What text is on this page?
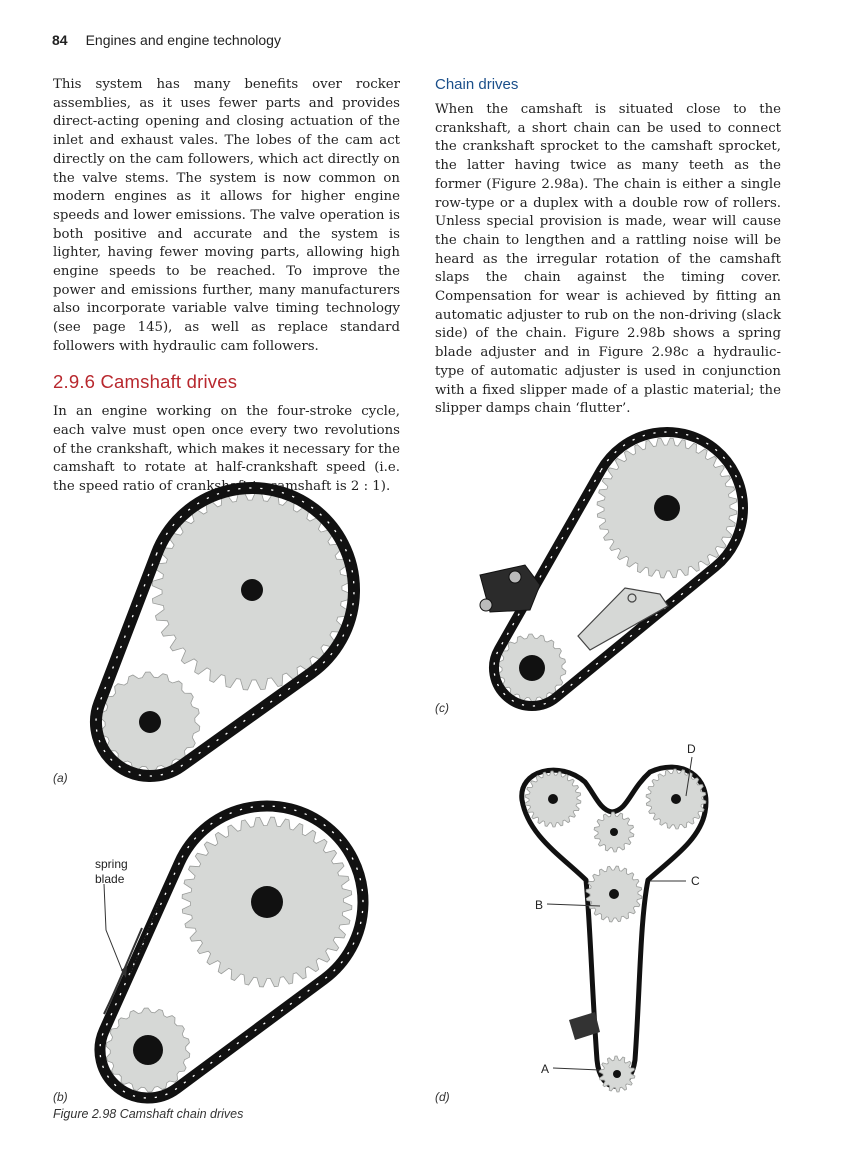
84 Engines and engine technology

This system has many benefits over rocker assemblies, as it uses fewer parts and provides direct-acting opening and closing actuation of the inlet and exhaust vales. The lobes of the cam act directly on the cam followers, which act directly on the valve stems. The system is now common on modern engines as it allows for higher engine speeds and lower emissions. The valve operation is both positive and accurate and the system is lighter, having fewer moving parts, allowing high engine speeds to be reached. To improve the power and emissions further, many manufacturers also incorporate variable valve timing technology (see page 145), as well as replace standard followers with hydraulic cam followers.

2.9.6 Camshaft drives

In an engine working on the four-stroke cycle, each valve must open once every two revolutions of the crankshaft, which makes it necessary for the camshaft to rotate at half-crankshaft speed (i.e. the speed ratio of crankshaft to camshaft is 2 : 1).

Chain drives

When the camshaft is situated close to the crankshaft, a short chain can be used to connect the crankshaft sprocket to the camshaft sprocket, the latter having twice as many teeth as the former (Figure 2.98a). The chain is either a single row-type or a duplex with a double row of rollers. Unless special provision is made, wear will cause the chain to lengthen and a rattling noise will be heard as the irregular rotation of the camshaft slaps the chain against the timing cover. Compensation for wear is achieved by fitting an automatic adjuster to rub on the non-driving (slack side) of the chain. Figure 2.98b shows a spring blade adjuster and in Figure 2.98c a hydraulic-type of automatic adjuster is used in conjunction with a fixed slipper made of a plastic material; the slipper damps chain ‘flutter’.

(a)
(b)
(c)
(d)
spring
blade
A
B
C
D
Figure 2.98 Camshaft chain drives
